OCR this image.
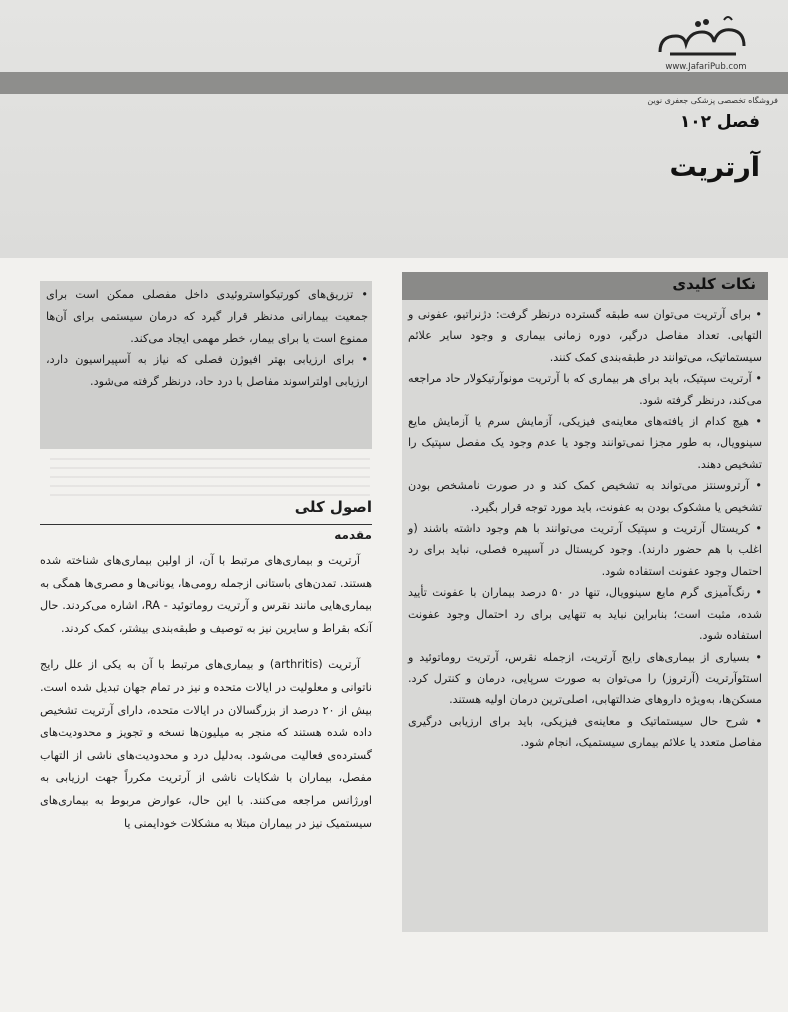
www.JafariPub.com
فروشگاه تخصصی پزشکی جعفری نوین
فصل ۱۰۲
آرتریت
نکات کلیدی

• برای آرتریت می‌توان سه طبقه گسترده درنظر گرفت: دژنراتیو، عفونی و التهابی. تعداد مفاصل درگیر، دوره زمانی بیماری و وجود سایر علائم سیستماتیک، می‌توانند در طبقه‌بندی کمک کنند.

• آرتریت سپتیک، باید برای هر بیماری که با آرتریت مونوآرتیکولار حاد مراجعه می‌کند، درنظر گرفته شود.

• هیچ کدام از یافته‌های معاینه‌ی فیزیکی، آزمایش سرم یا آزمایش مایع سینوویال، به طور مجزا نمی‌توانند وجود یا عدم وجود یک مفصل سپتیک را تشخیص دهند.

• آرتروسنتز می‌تواند به تشخیص کمک کند و در صورت نامشخص بودن تشخیص یا مشکوک بودن به عفونت، باید مورد توجه قرار بگیرد.

• کریستال آرتریت و سپتیک آرتریت می‌توانند با هم وجود داشته باشند (و اغلب با هم حضور دارند). وجود کریستال در آسپیره فصلی، نباید برای رد احتمال وجود عفونت استفاده شود.

• رنگ‌آمیزی گرم مایع سینوویال، تنها در ۵۰ درصد بیماران با عفونت تأیید شده، مثبت است؛ بنابراین نباید به تنهایی برای رد احتمال وجود عفونت استفاده شود.

• بسیاری از بیماری‌های رایج آرتریت، ازجمله نقرس، آرتریت روماتوئید و استئوآرتریت (آرتروز) را می‌توان به صورت سرپایی، درمان و کنترل کرد. مسکن‌ها، به‌ویژه داروهای ضدالتهابی، اصلی‌ترین درمان اولیه هستند.

• شرح حال سیستماتیک و معاینه‌ی فیزیکی، باید برای ارزیابی درگیری مفاصل متعدد یا علائم بیماری سیستمیک، انجام شود.

• تزریق‌های کورتیکواستروئیدی داخل مفصلی ممکن است برای جمعیت بیمارانی مدنظر قرار گیرد که درمان سیستمی برای آن‌ها ممنوع است یا برای بیمار، خطر مهمی ایجاد می‌کند.

• برای ارزیابی بهتر افیوژن فصلی که نیاز به آسپیراسیون دارد، ارزیابی اولتراسوند مفاصل با درد حاد، درنظر گرفته می‌شود.

اصول کلی
مقدمه

آرتریت و بیماری‌های مرتبط با آن، از اولین بیماری‌های شناخته شده هستند. تمدن‌های باستانی ازجمله رومی‌ها، یونانی‌ها و مصری‌ها همگی به بیماری‌هایی مانند نقرس و آرتریت روماتوئید - RA، اشاره می‌کردند. حال آنکه بقراط و سایرین نیز به توصیف و طبقه‌بندی بیشتر، کمک کردند.

آرتریت (arthritis) و بیماری‌های مرتبط با آن به یکی از علل رایج ناتوانی و معلولیت در ایالات متحده و نیز در تمام جهان تبدیل شده است. بیش از ۲۰ درصد از بزرگسالان در ایالات متحده، دارای آرتریت تشخیص داده شده هستند که منجر به میلیون‌ها نسخه و تجویز و محدودیت‌های گسترده‌ی فعالیت می‌شود. به‌دلیل درد و محدودیت‌های ناشی از التهاب مفصل، بیماران با شکایات ناشی از آرتریت مکرراً جهت ارزیابی به اورژانس مراجعه می‌کنند. با این حال، عوارض مربوط به بیماری‌های سیستمیک نیز در بیماران مبتلا به مشکلات خودایمنی یا
